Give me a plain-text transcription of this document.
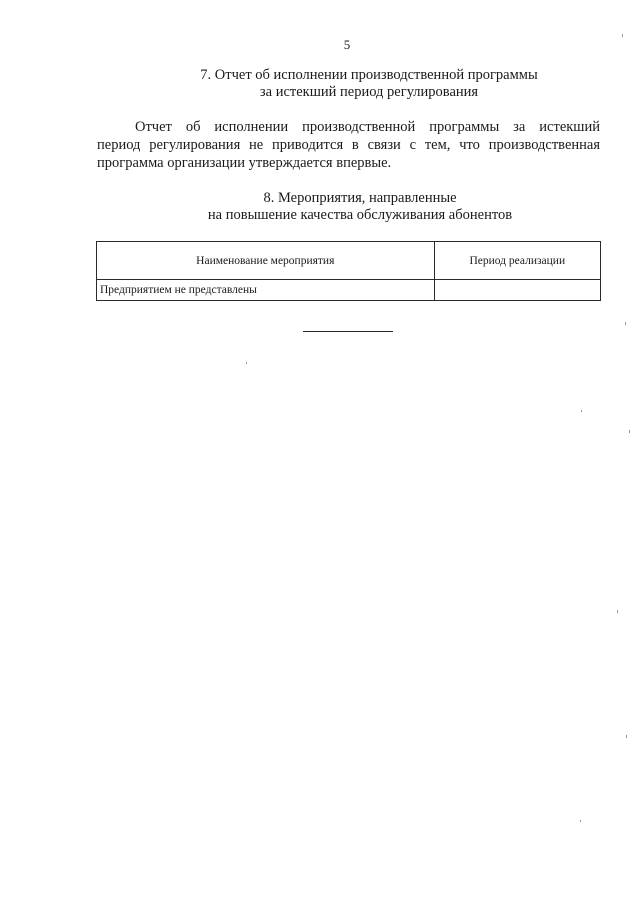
5
7. Отчет об исполнении производственной программы
за истекший период регулирования
Отчет об исполнении производственной программы за истекший
период регулирования не приводится в связи с тем, что производственная
программа организации утверждается впервые.
8. Мероприятия, направленные
на повышение качества обслуживания абонентов
Наименование мероприятия	Период реализации
Предприятием не представлены	
